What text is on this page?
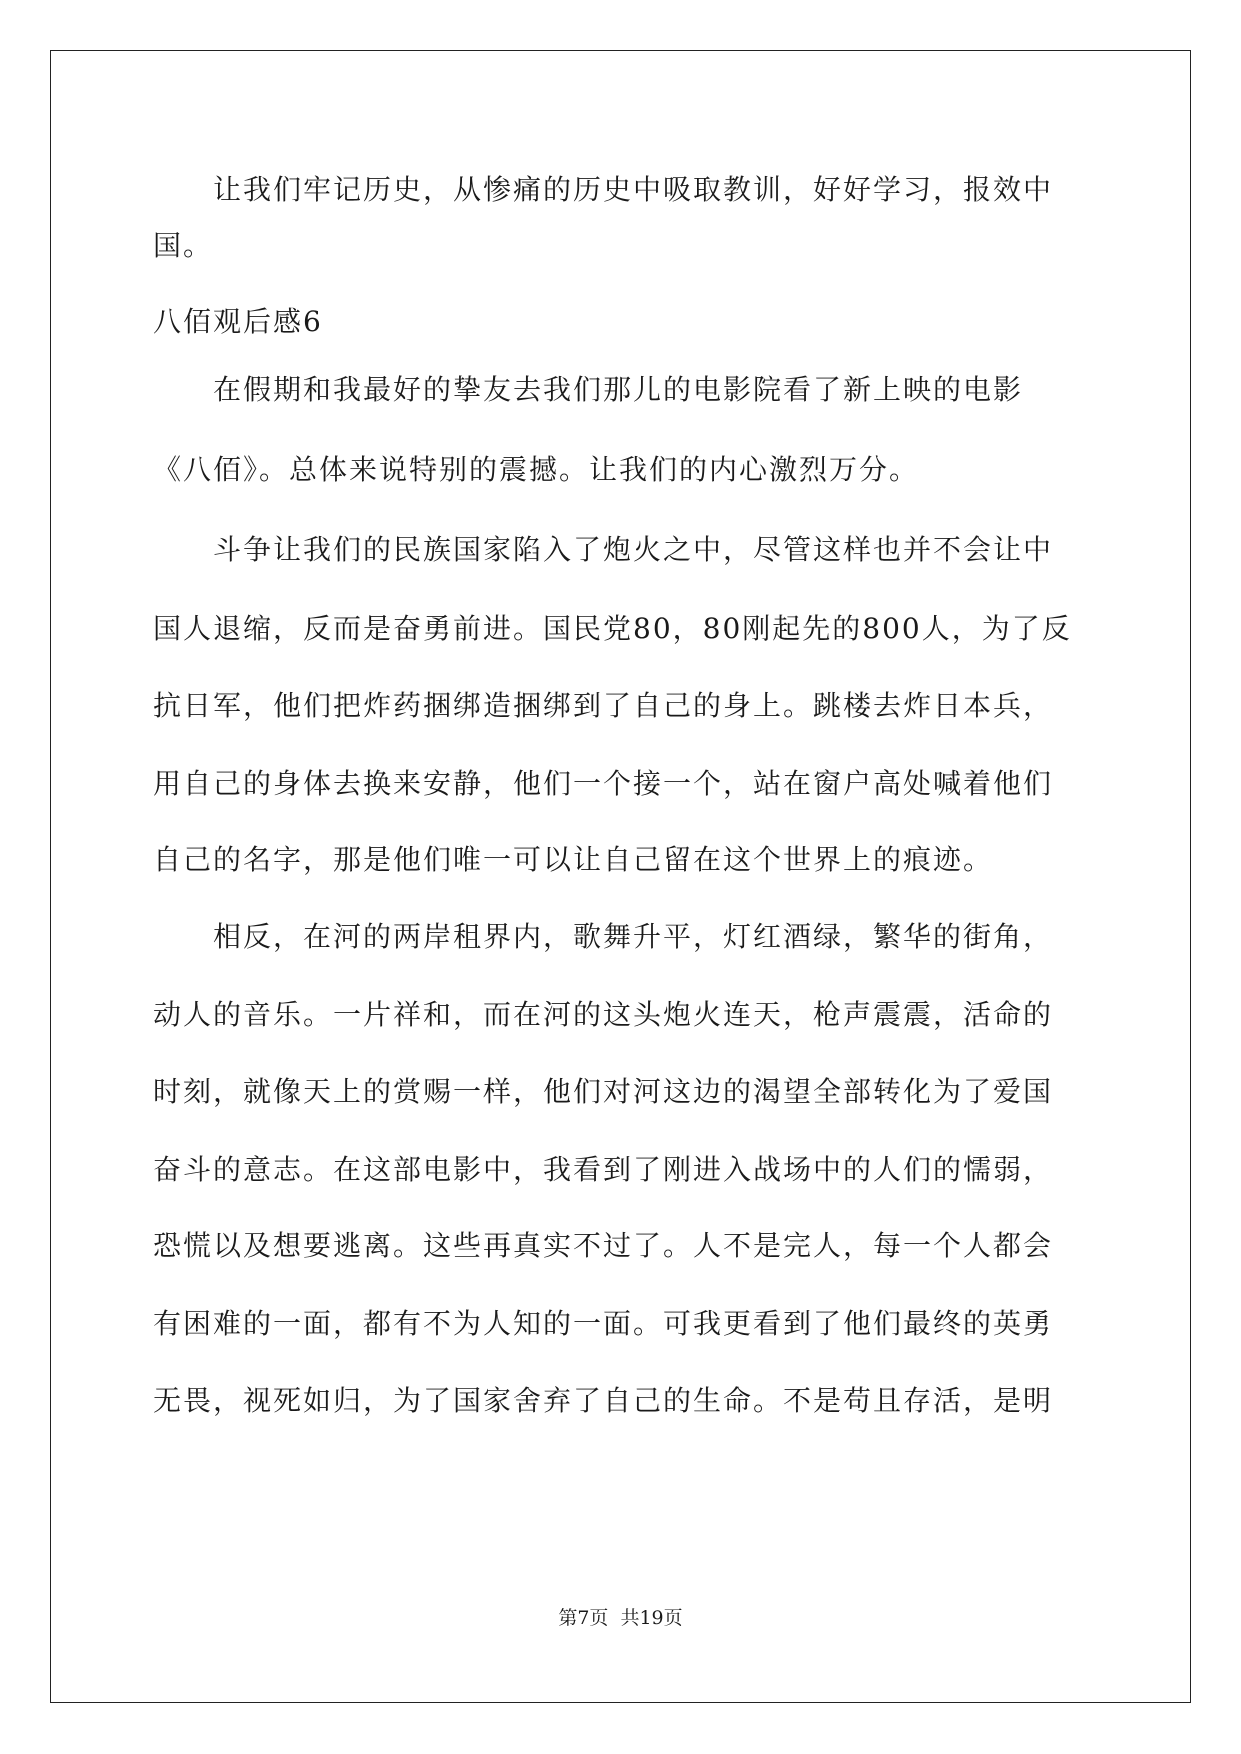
让我们牢记历史，从惨痛的历史中吸取教训，好好学习，报效中
国。
八佰观后感6
在假期和我最好的挚友去我们那儿的电影院看了新上映的电影
《八佰》。总体来说特别的震撼。让我们的内心激烈万分。
斗争让我们的民族国家陷入了炮火之中，尽管这样也并不会让中
国人退缩，反而是奋勇前进。国民党80，80刚起先的800人，为了反
抗日军，他们把炸药捆绑造捆绑到了自己的身上。跳楼去炸日本兵，
用自己的身体去换来安静，他们一个接一个，站在窗户高处喊着他们
自己的名字，那是他们唯一可以让自己留在这个世界上的痕迹。
相反，在河的两岸租界内，歌舞升平，灯红酒绿，繁华的街角，
动人的音乐。一片祥和，而在河的这头炮火连天，枪声震震，活命的
时刻，就像天上的赏赐一样，他们对河这边的渴望全部转化为了爱国
奋斗的意志。在这部电影中，我看到了刚进入战场中的人们的懦弱，
恐慌以及想要逃离。这些再真实不过了。人不是完人，每一个人都会
有困难的一面，都有不为人知的一面。可我更看到了他们最终的英勇
无畏，视死如归，为了国家舍弃了自己的生命。不是苟且存活，是明
第7页 共19页
